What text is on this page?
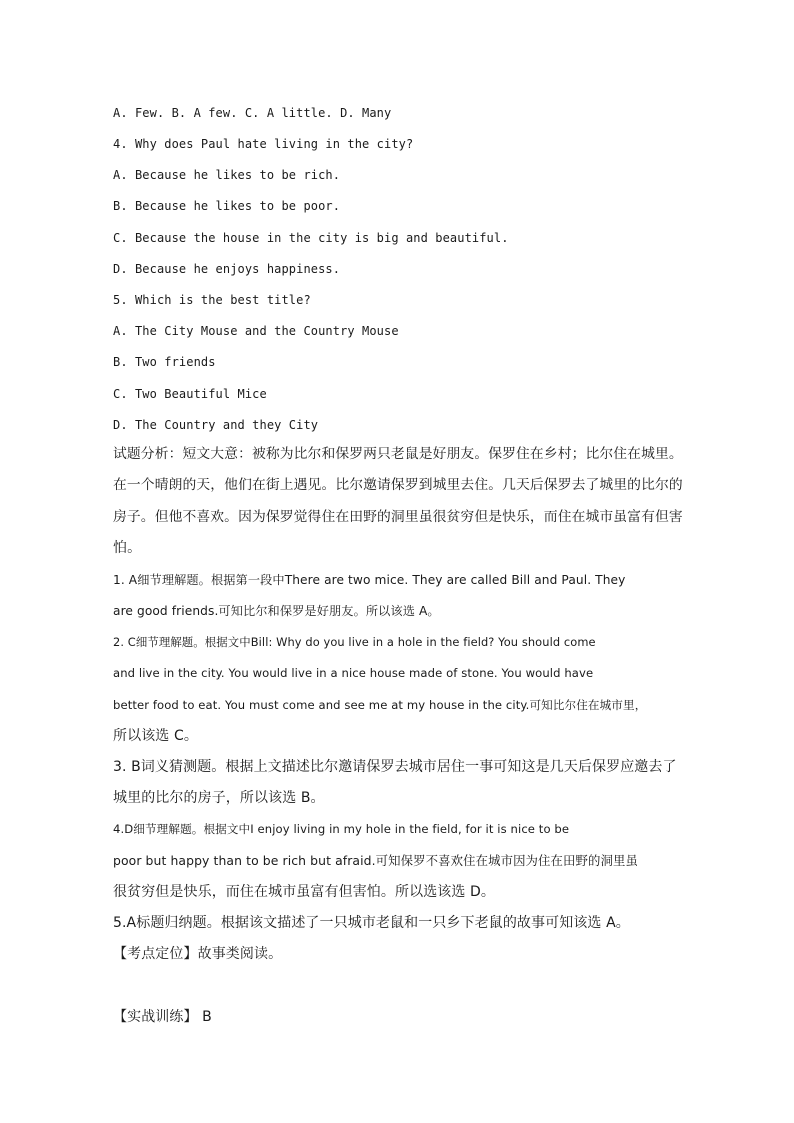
A. Few. B. A few. C. A little. D. Many
4. Why does Paul hate living in the city?
A. Because he likes to be rich.
B. Because he likes to be poor.
C. Because the house in the city is big and beautiful.
D. Because he enjoys happiness.
5. Which is the best title?
A. The City Mouse and the Country Mouse
B. Two friends
C. Two Beautiful Mice
D. The Country and they City
试题分析：短文大意：被称为比尔和保罗两只老鼠是好朋友。保罗住在乡村；比尔住在城里。
在一个晴朗的天，他们在街上遇见。比尔邀请保罗到城里去住。几天后保罗去了城里的比尔的
房子。但他不喜欢。因为保罗觉得住在田野的洞里虽很贫穷但是快乐，而住在城市虽富有但害
怕。
1. A细节理解题。根据第一段中There are two mice. They are called Bill and Paul. They
are good friends.可知比尔和保罗是好朋友。所以该选 A。
2. C细节理解题。根据文中Bill: Why do you live in a hole in the field? You should come
and live in the city. You would live in a nice house made of stone. You would have
better food to eat. You must come and see me at my house in the city.可知比尔住在城市里，
所以该选 C。
3. B词义猜测题。根据上文描述比尔邀请保罗去城市居住一事可知这是几天后保罗应邀去了
城里的比尔的房子，所以该选 B。
4.D细节理解题。根据文中I enjoy living in my hole in the field, for it is nice to be
poor but happy than to be rich but afraid.可知保罗不喜欢住在城市因为住在田野的洞里虽
很贫穷但是快乐，而住在城市虽富有但害怕。所以选该选 D。
5.A标题归纳题。根据该文描述了一只城市老鼠和一只乡下老鼠的故事可知该选 A。
【考点定位】故事类阅读。
【实战训练】 B
